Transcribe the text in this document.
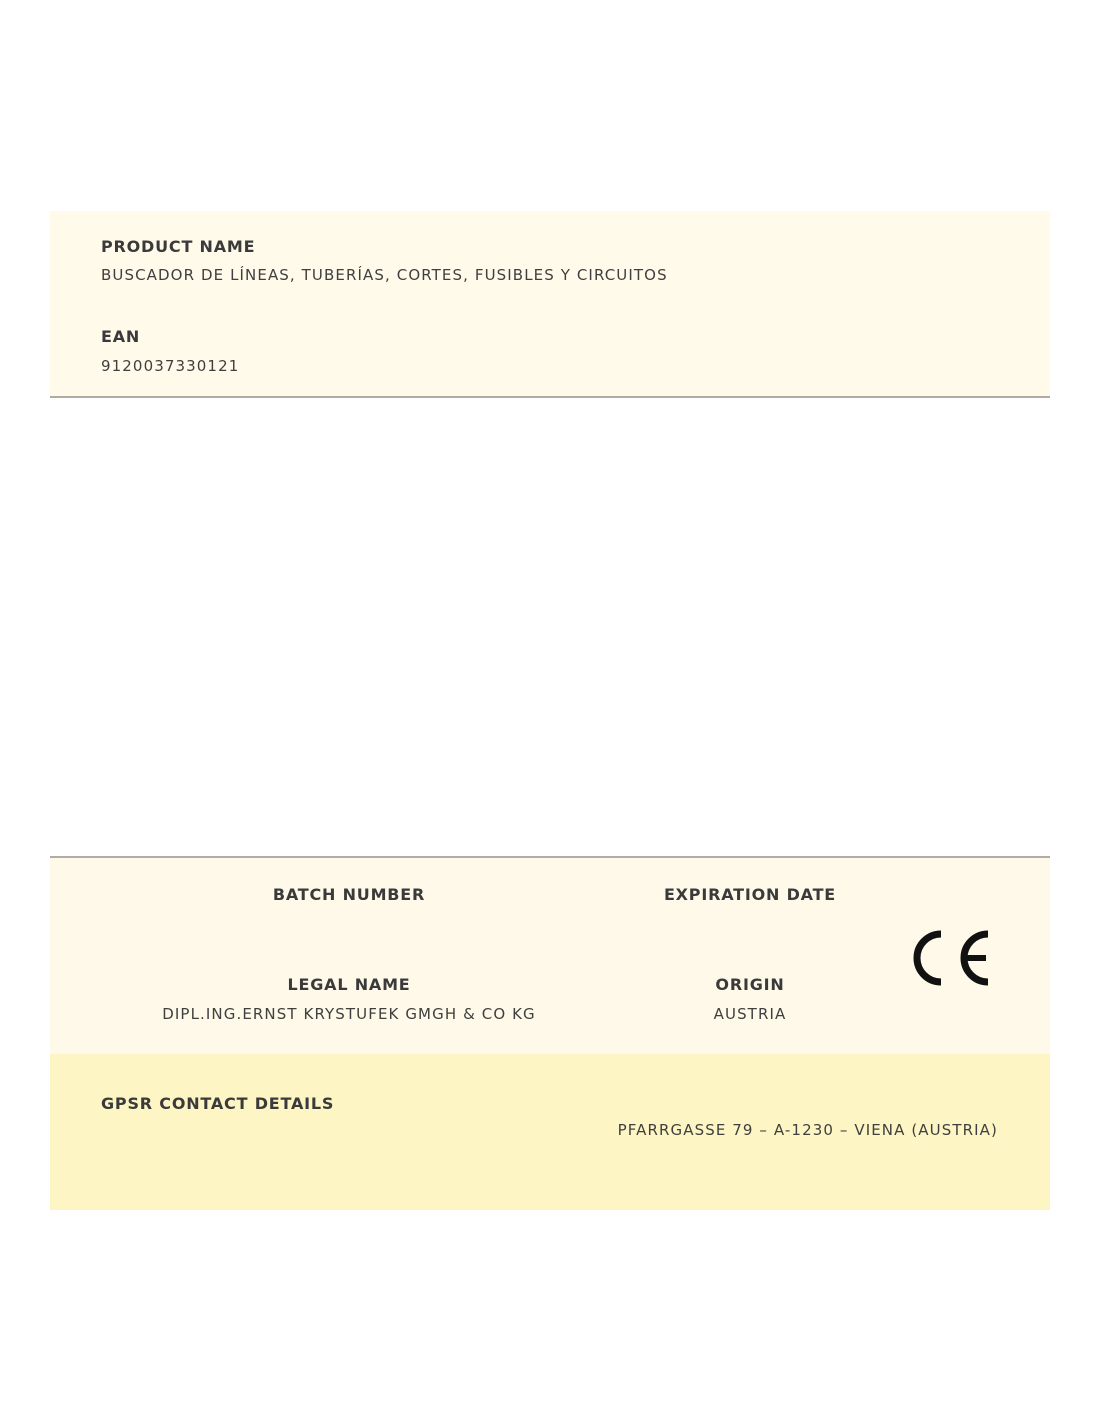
PRODUCT NAME
BUSCADOR DE LÍNEAS, TUBERÍAS, CORTES, FUSIBLES Y CIRCUITOS
EAN
9120037330121
BATCH NUMBER	EXPIRATION DATE
LEGAL NAME
DIPL.ING.ERNST KRYSTUFEK GMGH & CO KG
ORIGIN
AUSTRIA
GPSR CONTACT DETAILS
PFARRGASSE 79 – A-1230 – VIENA (AUSTRIA)
